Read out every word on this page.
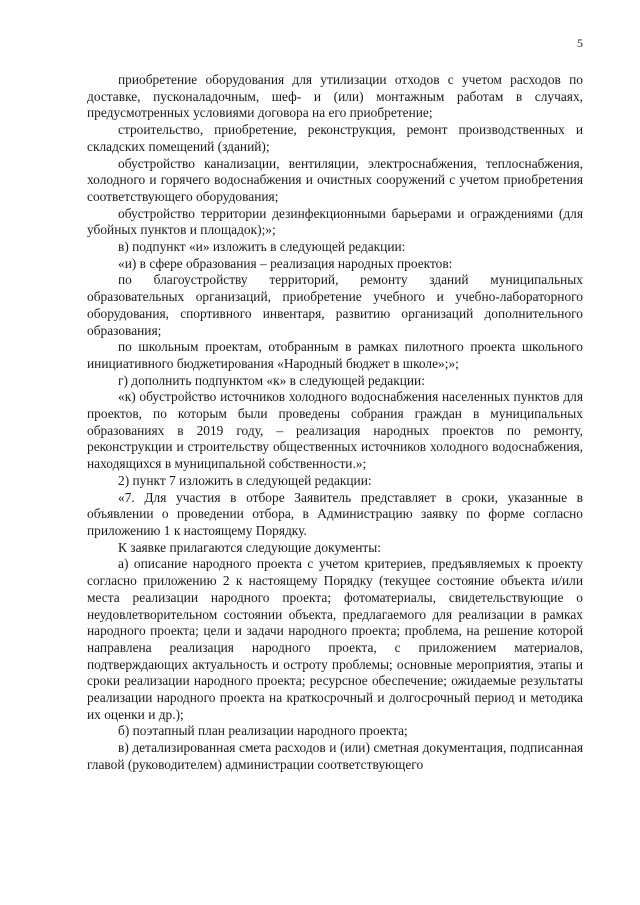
5

приобретение оборудования для утилизации отходов с учетом расходов по доставке, пусконаладочным, шеф- и (или) монтажным работам в случаях, предусмотренных условиями договора на его приобретение;

строительство, приобретение, реконструкция, ремонт производственных и складских помещений (зданий);

обустройство канализации, вентиляции, электроснабжения, теплоснабжения, холодного и горячего водоснабжения и очистных сооружений с учетом приобретения соответствующего оборудования;

обустройство территории дезинфекционными барьерами и ограждениями (для убойных пунктов и площадок);»;

в) подпункт «и» изложить в следующей редакции:

«и) в сфере образования – реализация народных проектов:

по благоустройству территорий, ремонту зданий муниципальных образовательных организаций, приобретение учебного и учебно-лабораторного оборудования, спортивного инвентаря, развитию организаций дополнительного образования;

по школьным проектам, отобранным в рамках пилотного проекта школьного инициативного бюджетирования «Народный бюджет в школе»;»;

г) дополнить подпунктом «к» в следующей редакции:

«к) обустройство источников холодного водоснабжения населенных пунктов для проектов, по которым были проведены собрания граждан в муниципальных образованиях в 2019 году, – реализация народных проектов по ремонту, реконструкции и строительству общественных источников холодного водоснабжения, находящихся в муниципальной собственности.»;

2) пункт 7 изложить в следующей редакции:

«7. Для участия в отборе Заявитель представляет в сроки, указанные в объявлении о проведении отбора, в Администрацию заявку по форме согласно приложению 1 к настоящему Порядку.

К заявке прилагаются следующие документы:

а) описание народного проекта с учетом критериев, предъявляемых к проекту согласно приложению 2 к настоящему Порядку (текущее состояние объекта и/или места реализации народного проекта; фотоматериалы, свидетельствующие о неудовлетворительном состоянии объекта, предлагаемого для реализации в рамках народного проекта; цели и задачи народного проекта; проблема, на решение которой направлена реализация народного проекта, с приложением материалов, подтверждающих актуальность и остроту проблемы; основные мероприятия, этапы и сроки реализации народного проекта; ресурсное обеспечение; ожидаемые результаты реализации народного проекта на краткосрочный и долгосрочный период и методика их оценки и др.);

б) поэтапный план реализации народного проекта;

в) детализированная смета расходов и (или) сметная документация, подписанная главой (руководителем) администрации соответствующего
